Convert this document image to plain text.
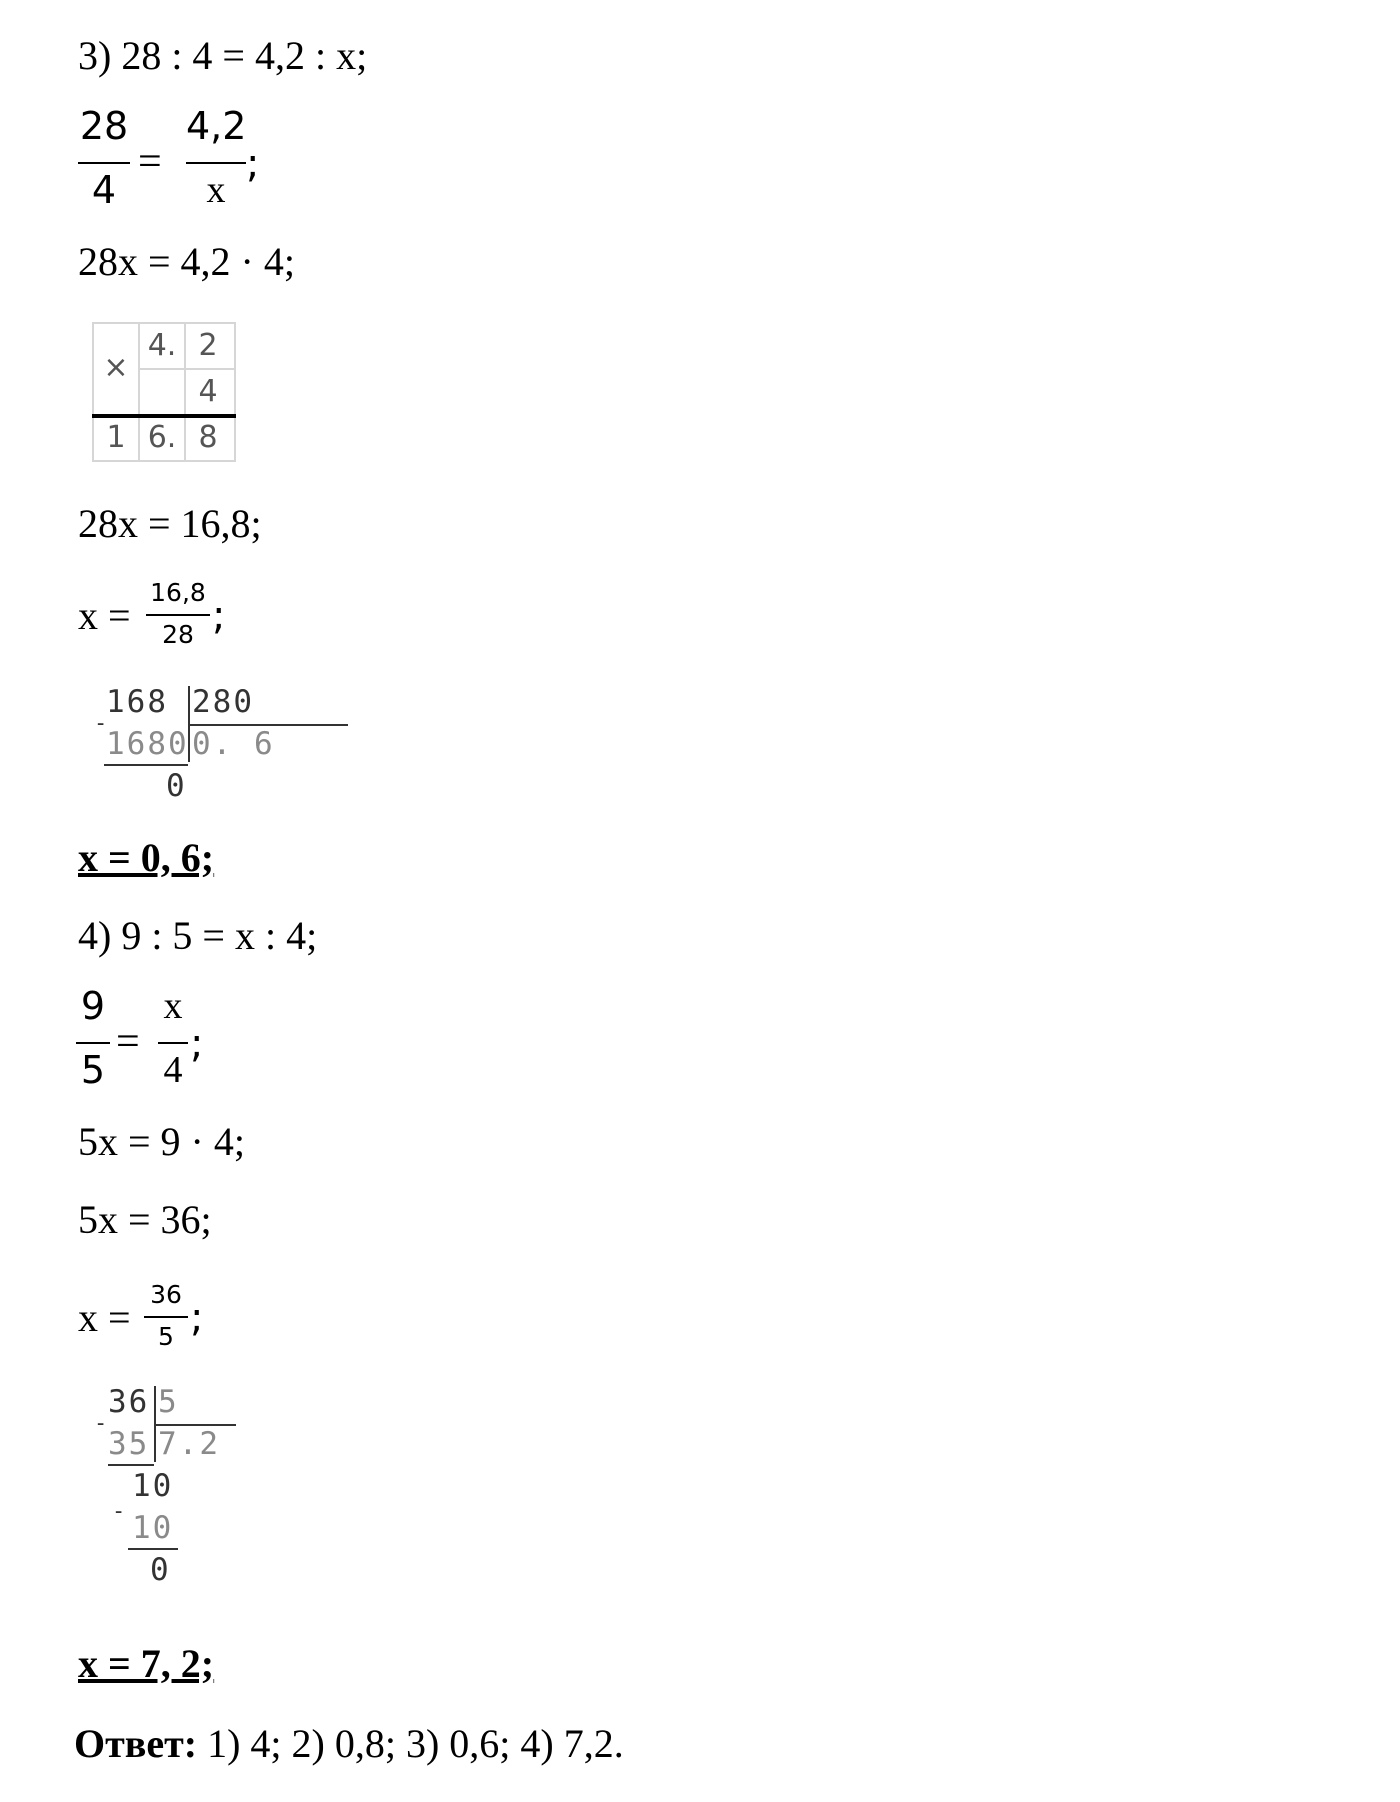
3) 28 : 4 = 4,2 : x;
28
4
=
4,2
x
;
28x = 4,2 · 4;
×
4. 2
4
1 6. 8
28x = 16,8;
x =
16,8
28 ;
168 280
-
1680 0. 6
0
x = 0, 6;
4) 9 : 5 = x : 4;
9
5
=
x
4
;
5x = 9 · 4;
5x = 36;
x =
36
5 ;
36 5
-
35 7.2
10
- 10
0
x = 7, 2;
Ответ: 1) 4; 2) 0,8; 3) 0,6; 4) 7,2.
